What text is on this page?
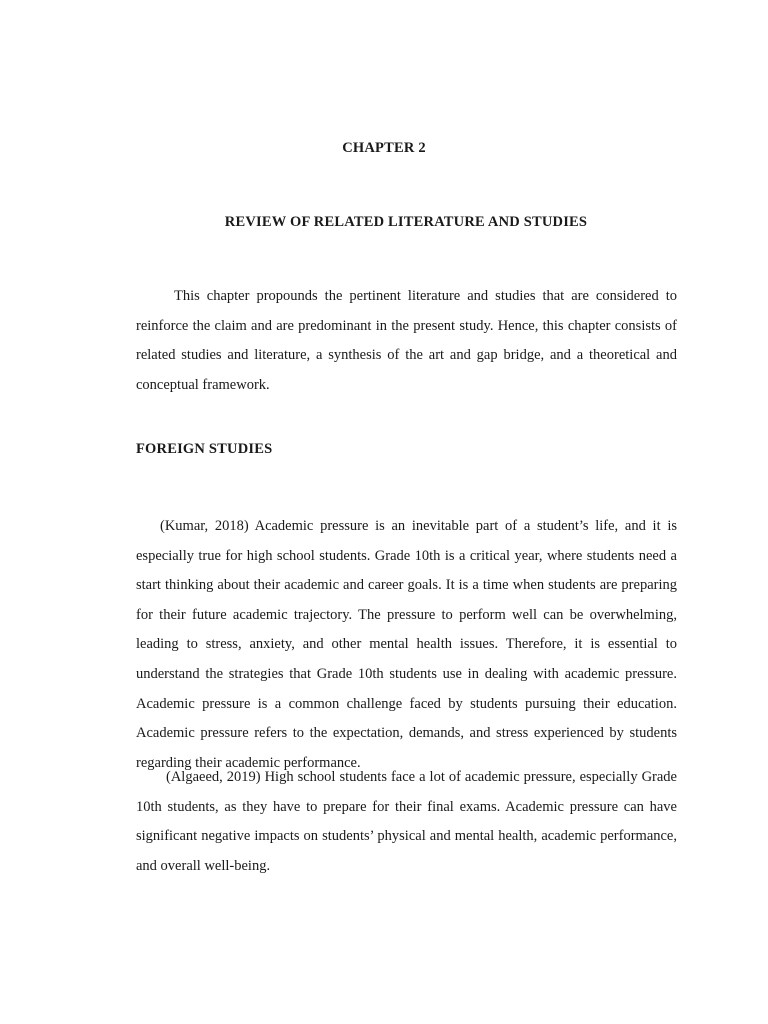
CHAPTER 2
REVIEW OF RELATED LITERATURE AND STUDIES

This chapter propounds the pertinent literature and studies that are considered to reinforce the claim and are predominant in the present study. Hence, this chapter consists of related studies and literature, a synthesis of the art and gap bridge, and a theoretical and conceptual framework.

FOREIGN STUDIES

(Kumar, 2018) Academic pressure is an inevitable part of a student’s life, and it is especially true for high school students. Grade 10th is a critical year, where students need a start thinking about their academic and career goals. It is a time when students are preparing for their future academic trajectory. The pressure to perform well can be overwhelming, leading to stress, anxiety, and other mental health issues. Therefore, it is essential to understand the strategies that Grade 10th students use in dealing with academic pressure. Academic pressure is a common challenge faced by students pursuing their education. Academic pressure refers to the expectation, demands, and stress experienced by students regarding their academic performance.

(Algaeed, 2019) High school students face a lot of academic pressure, especially Grade 10th students, as they have to prepare for their final exams. Academic pressure can have significant negative impacts on students’ physical and mental health, academic performance, and overall well-being.
